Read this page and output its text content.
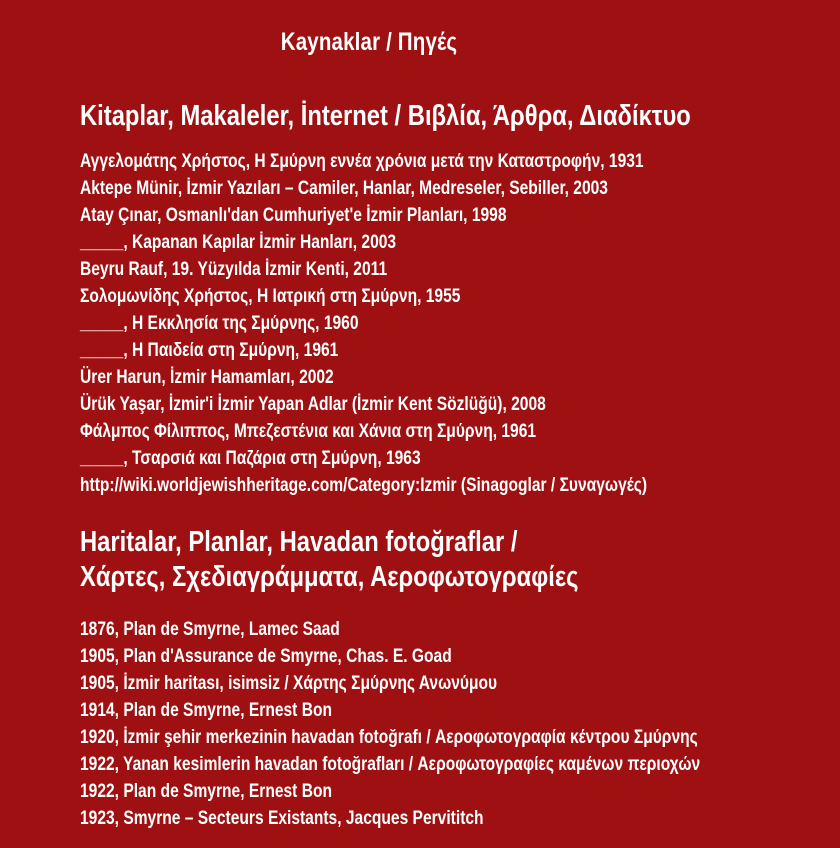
Kaynaklar / Πηγές
Kitaplar, Makaleler, İnternet / Βιβλία, Άρθρα, Διαδίκτυο
Αγγελομάτης Χρήστος, Η Σμύρνη εννέα χρόνια μετά την Καταστροφήν, 1931
Aktepe Münir, İzmir Yazıları – Camiler, Hanlar, Medreseler, Sebiller, 2003
Atay Çınar, Osmanlı'dan Cumhuriyet'e İzmir Planları, 1998
_____, Kapanan Kapılar İzmir Hanları, 2003
Beyru Rauf, 19. Yüzyılda İzmir Kenti, 2011
Σολομωνίδης Χρήστος, Η Ιατρική στη Σμύρνη, 1955
_____, Η Εκκλησία της Σμύρνης, 1960
_____, Η Παιδεία στη Σμύρνη, 1961
Ürer Harun, İzmir Hamamları, 2002
Ürük Yaşar, İzmir'i İzmir Yapan Adlar (İzmir Kent Sözlüğü), 2008
Φάλμπος Φίλιππος, Μπεζεστένια και Χάνια στη Σμύρνη, 1961
_____, Τσαρσιά και Παζάρια στη Σμύρνη, 1963
http://wiki.worldjewishheritage.com/Category:Izmir (Sinagoglar / Συναγωγές)
Haritalar, Planlar, Havadan fotoğraflar /
Χάρτες, Σχεδιαγράμματα, Αεροφωτογραφίες
1876, Plan de Smyrne, Lamec Saad
1905, Plan d'Assurance de Smyrne, Chas. E. Goad
1905, İzmir haritası, isimsiz / Χάρτης Σμύρνης Ανωνύμου
1914, Plan de Smyrne, Ernest Bon
1920, İzmir şehir merkezinin havadan fotoğrafı / Αεροφωτογραφία κέντρου Σμύρνης
1922, Yanan kesimlerin havadan fotoğrafları / Αεροφωτογραφίες καμένων περιοχών
1922, Plan de Smyrne, Ernest Bon
1923, Smyrne – Secteurs Existants, Jacques Pervititch
